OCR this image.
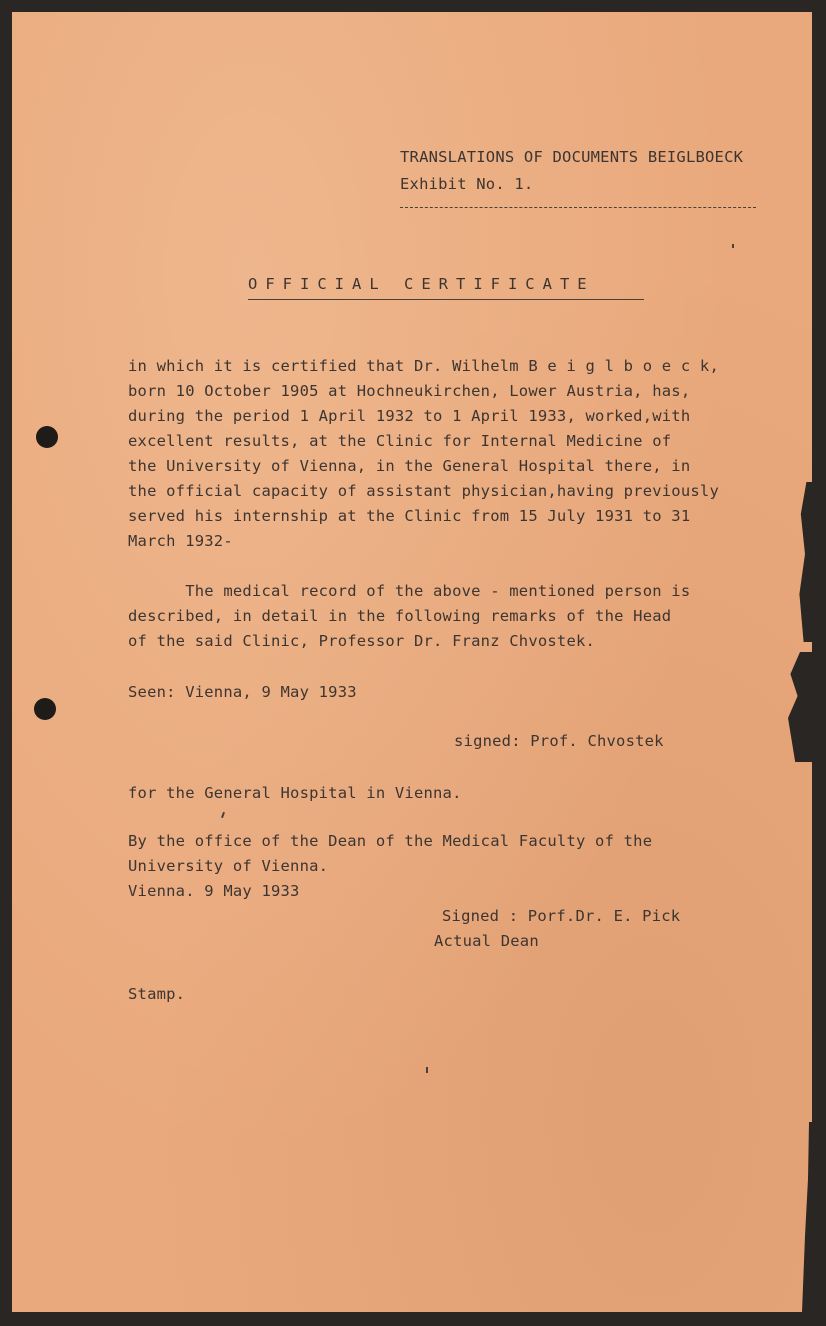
TRANSLATIONS OF DOCUMENTS BEIGLBOECK
Exhibit No. 1.
OFFICIAL CERTIFICATE
in which it is certified that Dr. Wilhelm B e i g l b o e c k,
born 10 October 1905 at Hochneukirchen, Lower Austria, has,
during the period 1 April 1932 to 1 April 1933, worked,with
excellent results, at the Clinic for Internal Medicine of
the University of Vienna, in the General Hospital there, in
the official capacity of assistant physician,having previously
served his internship at the Clinic from 15 July 1931 to 31
March 1932-
The medical record of the above - mentioned person is
described, in detail in the following remarks of the Head
of the said Clinic, Professor Dr. Franz Chvostek.
Seen: Vienna, 9 May 1933
signed: Prof. Chvostek
for the General Hospital in Vienna.
By the office of the Dean of the Medical Faculty of the
University of Vienna.
Vienna. 9 May 1933
Signed : Porf.Dr. E. Pick
Actual Dean
Stamp.
